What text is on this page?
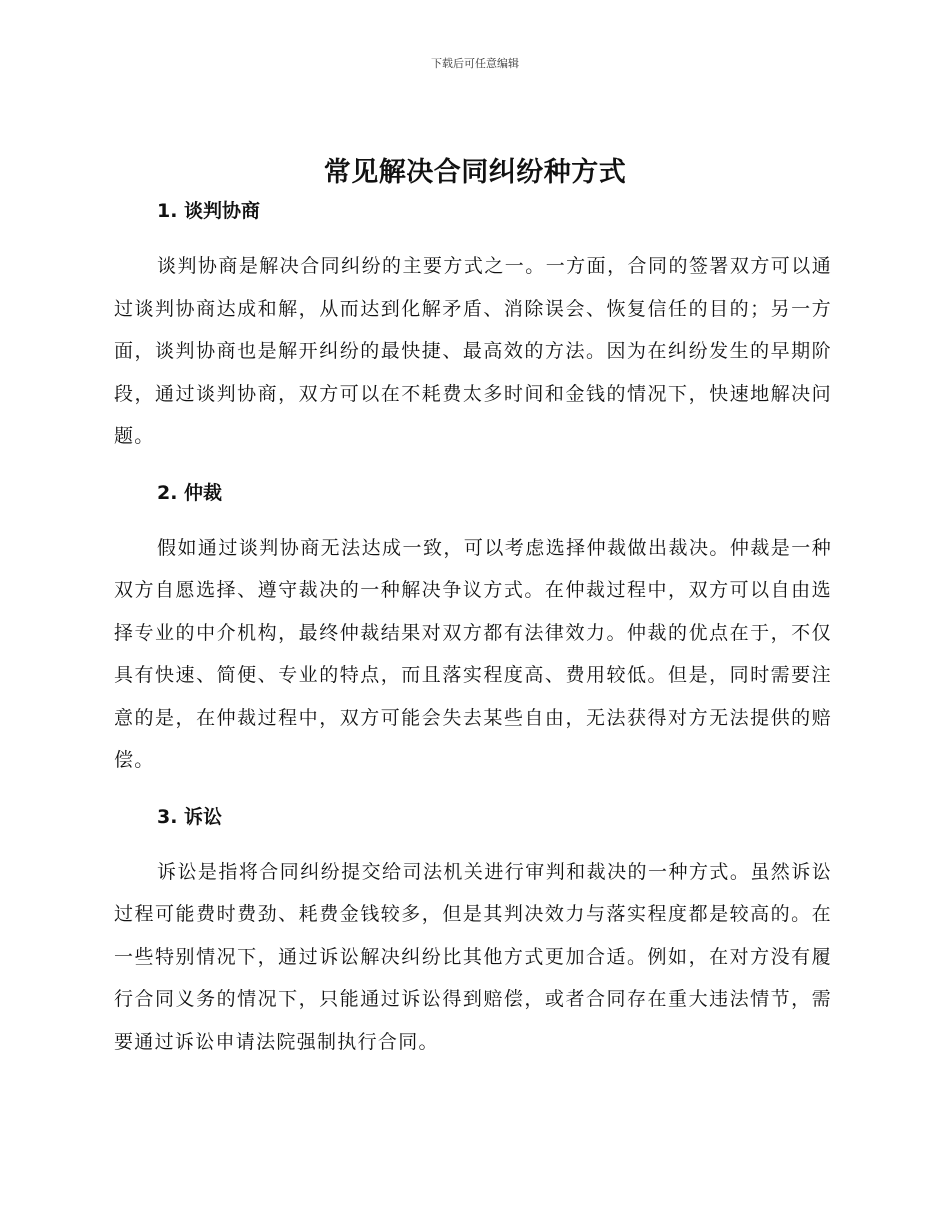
下载后可任意编辑
常见解决合同纠纷种方式
1. 谈判协商

谈判协商是解决合同纠纷的主要方式之一。一方面，合同的签署双方可以通过谈判协商达成和解，从而达到化解矛盾、消除误会、恢复信任的目的；另一方面，谈判协商也是解开纠纷的最快捷、最高效的方法。因为在纠纷发生的早期阶段，通过谈判协商，双方可以在不耗费太多时间和金钱的情况下，快速地解决问题。

2. 仲裁

假如通过谈判协商无法达成一致，可以考虑选择仲裁做出裁决。仲裁是一种双方自愿选择、遵守裁决的一种解决争议方式。在仲裁过程中，双方可以自由选择专业的中介机构，最终仲裁结果对双方都有法律效力。仲裁的优点在于，不仅具有快速、简便、专业的特点，而且落实程度高、费用较低。但是，同时需要注意的是，在仲裁过程中，双方可能会失去某些自由，无法获得对方无法提供的赔偿。

3. 诉讼

诉讼是指将合同纠纷提交给司法机关进行审判和裁决的一种方式。虽然诉讼过程可能费时费劲、耗费金钱较多，但是其判决效力与落实程度都是较高的。在一些特别情况下，通过诉讼解决纠纷比其他方式更加合适。例如，在对方没有履行合同义务的情况下，只能通过诉讼得到赔偿，或者合同存在重大违法情节，需要通过诉讼申请法院强制执行合同。
